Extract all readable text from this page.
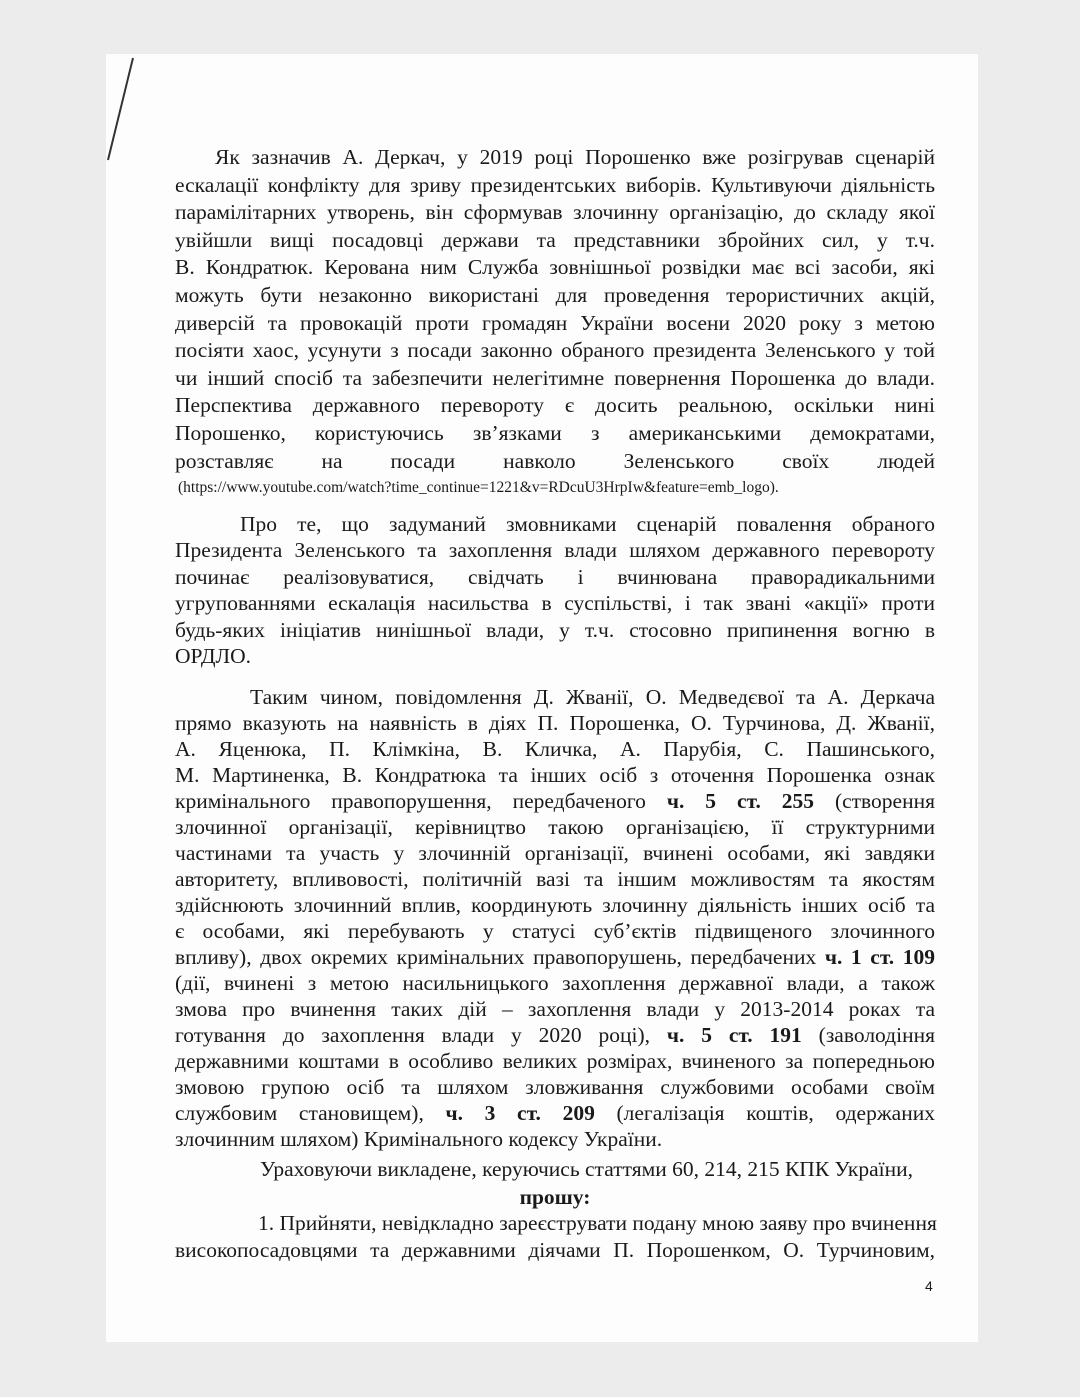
Як зазначив А. Деркач, у 2019 році Порошенко вже розігрував сценарій
ескалації конфлікту для зриву президентських виборів. Культивуючи діяльність
парамілітарних утворень, він сформував злочинну організацію, до складу якої
увійшли вищі посадовці держави та представники збройних сил, у т.ч.
В. Кондратюк. Керована ним Служба зовнішньої розвідки має всі засоби, які
можуть бути незаконно використані для проведення терористичних акцій,
диверсій та провокацій проти громадян України восени 2020 року з метою
посіяти хаос, усунути з посади законно обраного президента Зеленського у той
чи інший спосіб та забезпечити нелегітимне повернення Порошенка до влади.
Перспектива державного перевороту є досить реальною, оскільки нині
Порошенко, користуючись зв’язками з американськими демократами,
розставляє на посади навколо Зеленського своїх людей
(https://www.youtube.com/watch?time_continue=1221&v=RDcuU3HrpIw&feature=emb_logo).
Про те, що задуманий змовниками сценарій повалення обраного
Президента Зеленського та захоплення влади шляхом державного перевороту
починає реалізовуватися, свідчать і вчинювана праворадикальними
угрупованнями ескалація насильства в суспільстві, і так звані «акції» проти
будь-яких ініціатив нинішньої влади, у т.ч. стосовно припинення вогню в
ОРДЛО.
Таким чином, повідомлення Д. Жванії, О. Медведєвої та А. Деркача
прямо вказують на наявність в діях П. Порошенка, О. Турчинова, Д. Жванії,
А. Яценюка, П. Клімкіна, В. Кличка, А. Парубія, С. Пашинського,
М. Мартиненка, В. Кондратюка та інших осіб з оточення Порошенка ознак
кримінального правопорушення, передбаченого ч. 5 ст. 255 (створення
злочинної організації, керівництво такою організацією, її структурними
частинами та участь у злочинній організації, вчинені особами, які завдяки
авторитету, впливовості, політичній вазі та іншим можливостям та якостям
здійснюють злочинний вплив, координують злочинну діяльність інших осіб та
є особами, які перебувають у статусі суб’єктів підвищеного злочинного
впливу), двох окремих кримінальних правопорушень, передбачених ч. 1 ст. 109
(дії, вчинені з метою насильницького захоплення державної влади, а також
змова про вчинення таких дій – захоплення влади у 2013-2014 роках та
готування до захоплення влади у 2020 році), ч. 5 ст. 191 (заволодіння
державними коштами в особливо великих розмірах, вчиненого за попередньою
змовою групою осіб та шляхом зловживання службовими особами своїм
службовим становищем), ч. 3 ст. 209 (легалізація коштів, одержаних
злочинним шляхом) Кримінального кодексу України.
Ураховуючи викладене, керуючись статтями 60, 214, 215 КПК України,
прошу:
1. Прийняти, невідкладно зареєструвати подану мною заяву про вчинення
високопосадовцями та державними діячами П. Порошенком, О. Турчиновим,
4
